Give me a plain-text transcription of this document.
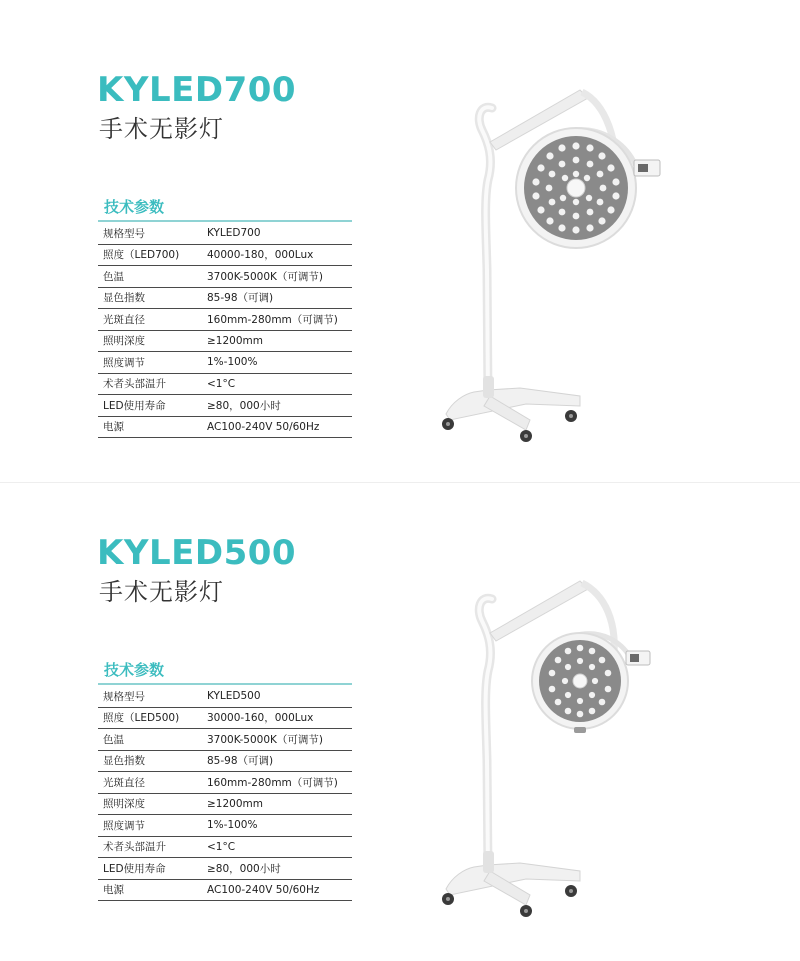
KYLED700
手术无影灯
技术参数
规格型号	KYLED700
照度（LED700)	40000-180，000Lux
色温	3700K-5000K（可调节)
显色指数	85-98（可调)
光斑直径	160mm-280mm（可调节)
照明深度	≥1200mm
照度调节	1%-100%
术者头部温升	<1°C
LED使用寿命	≥80，000小时
电源	AC100-240V 50/60Hz
KYLED500
手术无影灯
技术参数
规格型号	KYLED500
照度（LED500)	30000-160，000Lux
色温	3700K-5000K（可调节)
显色指数	85-98（可调)
光斑直径	160mm-280mm（可调节)
照明深度	≥1200mm
照度调节	1%-100%
术者头部温升	<1°C
LED使用寿命	≥80，000小时
电源	AC100-240V 50/60Hz
